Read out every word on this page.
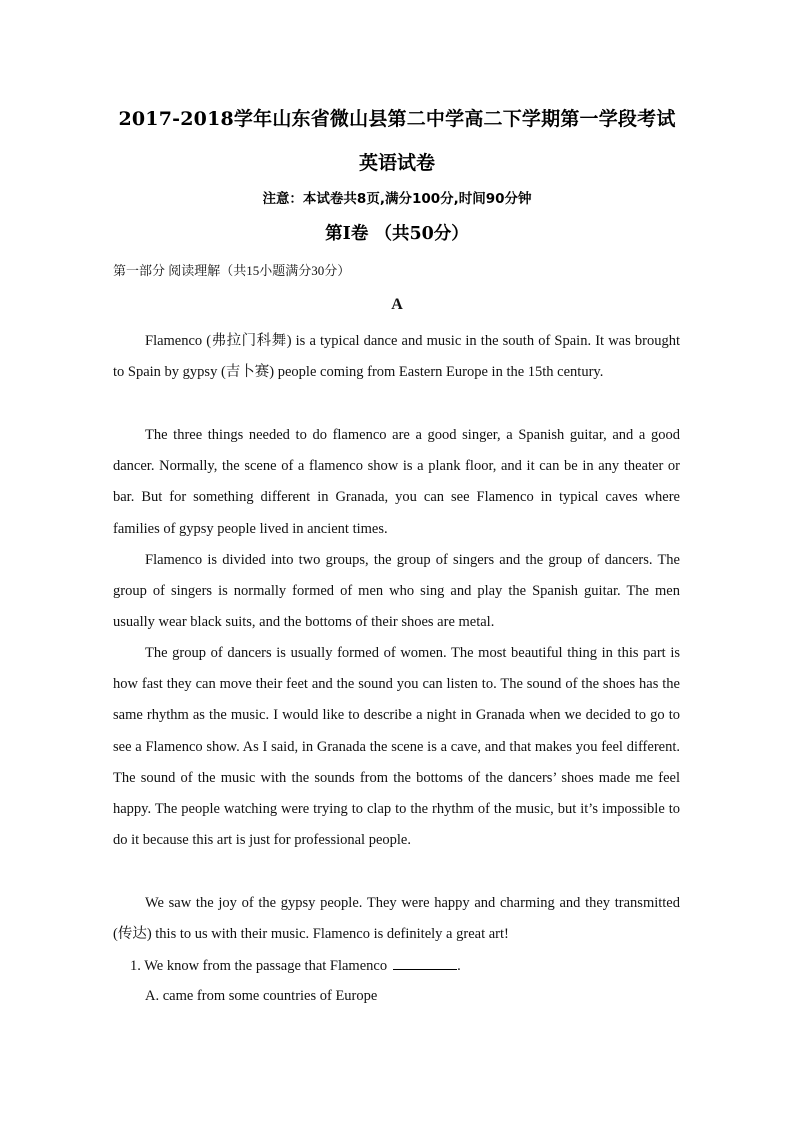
2017-2018学年山东省微山县第二中学高二下学期第一学段考试
英语试卷
注意：本试卷共8页,满分100分,时间90分钟
第Ⅰ卷 （共50分）
第一部分 阅读理解（共15小题满分30分）
A

Flamenco (弗拉门科舞) is a typical dance and music in the south of Spain. It was brought to Spain by gypsy (吉卜赛) people coming from Eastern Europe in the 15th century.

The three things needed to do flamenco are a good singer, a Spanish guitar, and a good dancer. Normally, the scene of a flamenco show is a plank floor, and it can be in any theater or bar. But for something different in Granada, you can see Flamenco in typical caves where families of gypsy people lived in ancient times.

Flamenco is divided into two groups, the group of singers and the group of dancers. The group of singers is normally formed of men who sing and play the Spanish guitar. The men usually wear black suits, and the bottoms of their shoes are metal.

The group of dancers is usually formed of women. The most beautiful thing in this part is how fast they can move their feet and the sound you can listen to. The sound of the shoes has the same rhythm as the music. I would like to describe a night in Granada when we decided to go to see a Flamenco show. As I said, in Granada the scene is a cave, and that makes you feel different. The sound of the music with the sounds from the bottoms of the dancers’ shoes made me feel happy. The people watching were trying to clap to the rhythm of the music, but it’s impossible to do it because this art is just for professional people.

We saw the joy of the gypsy people. They were happy and charming and they transmitted (传达) this to us with their music. Flamenco is definitely a great art!

1. We know from the passage that Flamenco	.
A. came from some countries of Europe
